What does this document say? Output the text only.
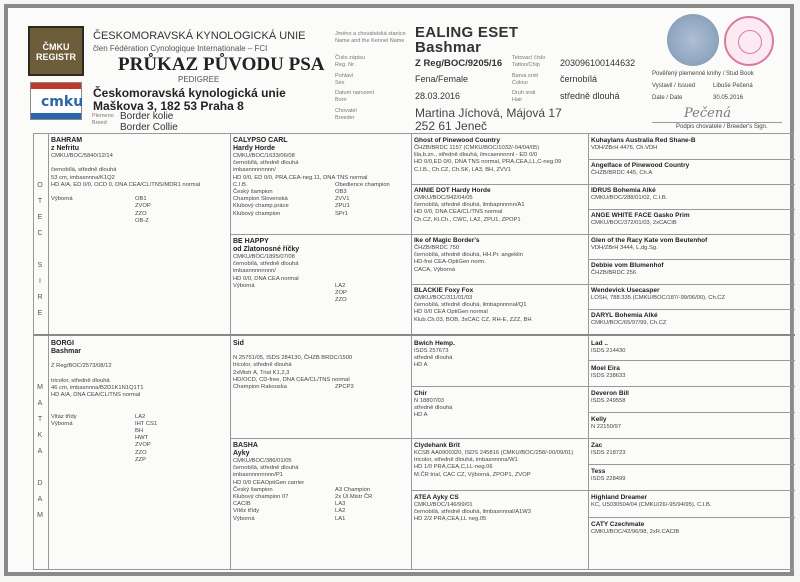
ČMKU
REGISTR
cmku
ČESKOMORAVSKÁ KYNOLOGICKÁ UNIE
člen Fédération Cynologique Internationale – FCI
PRŮKAZ PŮVODU PSA
PEDIGREE
Českomoravská kynologická unie
Maškova 3, 182 53 Praha 8
Plemeno
Breed
Border kolie
Border Collie
Jméno a chovatelská stanice
Name and the Kennel Name EALING ESET
Bashmar
Číslo zápisu
Reg. Nr.	Z Reg/BOC/9205/16 Tetovací číslo
Tattoo/Chip 203096100144632
Pohlaví
Sex	Fena/Female	Barva srsti
Colour	černobílá
Datum narození
Born	28.03.2016	Druh srsti
Hair	středně dlouhá
Chovatel
Breeder	Martina Jíchová, Májová 17
252 61 Jeneč
Pověřený plemenné knihy / Stud Book
Vystavil / Issued	Libuše Pečená
Date / Date	30.05.2016
Pečená
Podpis chovatele / Breeder's Sign.
O
T
E
C
S
I
R
E
M
A
T
K
A
D
A
M
BAHRAM
z Nefritu
CMKU/BOC/5840/12/14

černobílá, středně dlouhá
53 cm, imbasnnna/K1Q2
HD A/A, ED 0/0, OCD 0, DNA CEA/CL/TNS/MDR1 normal

Výborná	OB1
	ZVOP
	ZZO
	OB-Z
BORGI
Bashmar

Z Reg/BOC/2573/08/12

tricolor, středně dlouhá
46 cm, imbasnnna/B2D1K1N1Q1T1
HD A/A, DNA CEA/CL/TNS normal

Vitáz třídy	LA2
Výborná	IHT CS1
	BH
	HWT
	ZVOP
	ZZO
	ZZP
CALYPSO CARL
Hardy Horde
CMKU/BOC/1633/06/08
černobílá, středně dlouhá
imbasnnnnnnnn/
HD 0/0, ED 0/0, PRA,CEA-neg.11, DNA TNS normal
C.I.B.	Obedience champion
Český šampion	OB3
Champion Slovenská	ZVV1
Klubový champ.práce	ZPU1
Klubový champion	SPr1
BE HAPPY
od Zlatonosné říčky
CMKU/BOC/1895/07/08
černobílá, středně dlouhá
imbasnnnnnnnn/
HD 0/0, DNA CEA normal
Výborná	LA2
	ZOP
	ZZO
Sid

N 25751/05, ISDS 284130, ČHZB BRDC/1500
tricolor, středně dlouhá
2xMistr A, Trial K1,2,3
HD/OCD, CD-free, DNA CEA/CL/TNS normal
Champion Rakouska	ZPCP3
BASHA
Ayky
CMKU/BOC/386/01/05
černobílá, středně dlouhá
imbasnnnnnnnn/P1
HD 0/0 CEAOptiGen carrier
Český šampion	A3 Champion
Klubový champion 07	2x Úl.Mistr ČR
CACIB	LA3
Vítěz třídy	LA2
Výborná	LA1
Ghost of Pinewood Country
ČHZB/BRDC 1157 (CMKU/BOC/1032/-04/04/05)
lila,b.zn., středně dlouhá, ilmcaennnnnl - ED 0/0
HD 0/0,ED 0/0, DNA TNS normal, PRA,CEA,LL,C-neg.09
C.I.B., Ch.CZ, Ch.SK, LA3, BH, ZVV1
ANNIE DOT Hardy Horde
CMKU/BOC/942/04/05
černobílá, středně dlouhá, ilmbapnnnnn/A1
HD 0/0, DNA CEA/CL/TNS normal
Ch.CZ, Kl.Ch., CWC, LA2, ZPU1, ZPOP1
Ike of Magic Border's
ČHZB/BRDC 750
černobílá, středně dlouhá, HH.Pr. angeklin
HD-frei CEA-OptiGen norm.
CACA, Výborná
BLACKIE Foxy Fox
CMKU/BOC/311/01/03
černobílá, středně dlouhá, ilmbapnnnnal/Q1
HD 0/0 CEA OptiGen normal
Klub.Ch.03, BOB, 3xCAC CZ, RH-E, ZZZ, BH
Bwich Hemp.
ISDS 257673
středně dlouhá
HD A
Chir
N 18807/03
středně dlouhá
HD A
Clydehank Brit
KCSB AA0900320, ISDS 245816 (CMKU/BOC/258/-00/09/01)
tricolor, středně dlouhá, imbasnnnna/W1
HD 1/0 PRA,CEA,C,LL-neg.06
M.ČR trial, CAC CZ, Výborná, ZPOP1, ZVOP
ATEA Ayky CS
CMKU/BOC/146/99/01
černobílá, středně dlouhá, ilmbasnnnal/A1W3
HD 2/2 PRA,CEA,LL neg.05
Kuhaylans Australia Red Shane-B
VDH/ZBrH 4476, Ch.VDH
Angelface of Pinewood Country
ČHZB/BRDC 445, Ch.A
IDRUS Bohemia Alké
CMKU/BOC/288/01/02, C.I.B.
ANGE WHITE FACE Gasko Prim
CMKU/BOC/372/01/03, 2xCACIB
Glen of the Racy Kate vom Beutenhof
VDH/ZBrH 3444, L,dg.Sg.
Debbie vom Blumenhof
ČHZB/BRDC 256
Wendevick Usecasper
LOSH, 788.335 (CMKU/BOC/187/-99/06/00), Ch.CZ
DARYL Bohemia Alké
CMKU/BOC/65/97/99, Ch.CZ
Lad ..
ISDS 214430
Moel Eira
ISDS 238633
Deveron Bill
ISDS 249558
Kelly
N 22150/97
Zac
ISDS 218723
Tess
ISDS 228499
Highland Dreamer
KC, U5030504/04 (CMKU/26/-95/94/95), C.I.B.
CATY Czechmate
CMKU/BOC/42/96/98, 2xR.CACIB
